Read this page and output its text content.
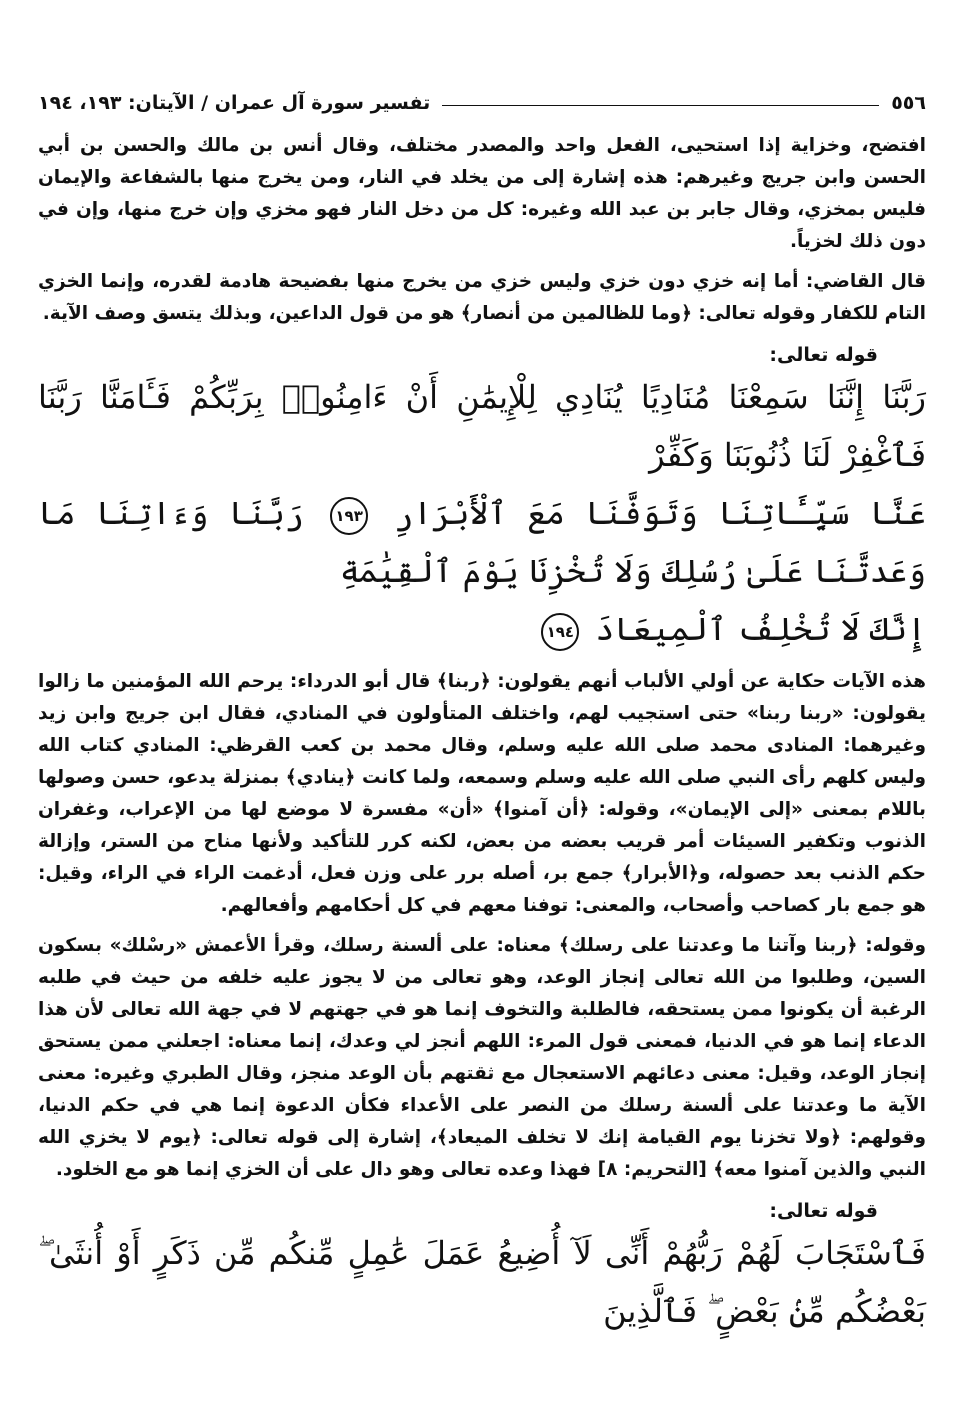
٥٥٦
تفسير سورة آل عمران / الآيتان: ١٩٣، ١٩٤

افتضح، وخزاية إذا استحيى، الفعل واحد والمصدر مختلف، وقال أنس بن مالك والحسن بن أبي الحسن وابن جريج وغيرهم: هذه إشارة إلى من يخلد في النار، ومن يخرج منها بالشفاعة والإيمان فليس بمخزي، وقال جابر بن عبد الله وغيره: كل من دخل النار فهو مخزي وإن خرج منها، وإن في دون ذلك لخزياً.

قال القاضي: أما إنه خزي دون خزي وليس خزي من يخرج منها بفضيحة هادمة لقدره، وإنما الخزي التام للكفار وقوله تعالى: ﴿وما للظالمين من أنصار﴾ هو من قول الداعين، وبذلك يتسق وصف الآية.

قوله تعالى:

رَبَّنَا إِنَّنَا سَمِعْنَا مُنَادِيًا يُنَادِي لِلْإِيمَٰنِ أَنْ ءَامِنُوا۟ بِرَبِّكُمْ فَـَٔامَنَّا رَبَّنَا فَٱغْفِرْ لَنَا ذُنُوبَنَا وَكَفِّرْ

عَنَّا سَيِّـَٔاتِنَا وَتَوَفَّنَا مَعَ ٱلْأَبْرَارِ ١٩٣ رَبَّنَا وَءَاتِنَا مَا وَعَدتَّنَا عَلَىٰ رُسُلِكَ وَلَا تُخْزِنَا يَوْمَ ٱلْقِيَٰمَةِ

إِنَّكَ لَا تُخْلِفُ ٱلْمِيعَادَ ١٩٤

هذه الآيات حكاية عن أولي الألباب أنهم يقولون: ﴿ربنا﴾ قال أبو الدرداء: يرحم الله المؤمنين ما زالوا يقولون: «ربنا ربنا» حتى استجيب لهم، واختلف المتأولون في المنادي، فقال ابن جريج وابن زيد وغيرهما: المنادى محمد صلى الله عليه وسلم، وقال محمد بن كعب القرظي: المنادي كتاب الله وليس كلهم رأى النبي صلى الله عليه وسلم وسمعه، ولما كانت ﴿ينادي﴾ بمنزلة يدعو، حسن وصولها باللام بمعنى «إلى الإيمان»، وقوله: ﴿أن آمنوا﴾ «أن» مفسرة لا موضع لها من الإعراب، وغفران الذنوب وتكفير السيئات أمر قريب بعضه من بعض، لكنه كرر للتأكيد ولأنها مناح من الستر، وإزالة حكم الذنب بعد حصوله، و﴿الأبرار﴾ جمع بر، أصله برر على وزن فعل، أدغمت الراء في الراء، وقيل: هو جمع بار كصاحب وأصحاب، والمعنى: توفنا معهم في كل أحكامهم وأفعالهم.

وقوله: ﴿ربنا وآتنا ما وعدتنا على رسلك﴾ معناه: على ألسنة رسلك، وقرأ الأعمش «رسْلك» بسكون السين، وطلبوا من الله تعالى إنجاز الوعد، وهو تعالى من لا يجوز عليه خلفه من حيث في طلبه الرغبة أن يكونوا ممن يستحقه، فالطلبة والتخوف إنما هو في جهتهم لا في جهة الله تعالى لأن هذا الدعاء إنما هو في الدنيا، فمعنى قول المرء: اللهم أنجز لي وعدك، إنما معناه: اجعلني ممن يستحق إنجاز الوعد، وقيل: معنى دعائهم الاستعجال مع ثقتهم بأن الوعد منجز، وقال الطبري وغيره: معنى الآية ما وعدتنا على ألسنة رسلك من النصر على الأعداء فكأن الدعوة إنما هي في حكم الدنيا، وقولهم: ﴿ولا تخزنا يوم القيامة إنك لا تخلف الميعاد﴾، إشارة إلى قوله تعالى: ﴿يوم لا يخزي الله النبي والذين آمنوا معه﴾ [التحريم: ٨] فهذا وعده تعالى وهو دال على أن الخزي إنما هو مع الخلود.

قوله تعالى:

فَٱسْتَجَابَ لَهُمْ رَبُّهُمْ أَنِّى لَآ أُضِيعُ عَمَلَ عَٰمِلٍ مِّنكُم مِّن ذَكَرٍ أَوْ أُنثَىٰ ۖ بَعْضُكُم مِّنۢ بَعْضٍ ۖ فَٱلَّذِينَ
